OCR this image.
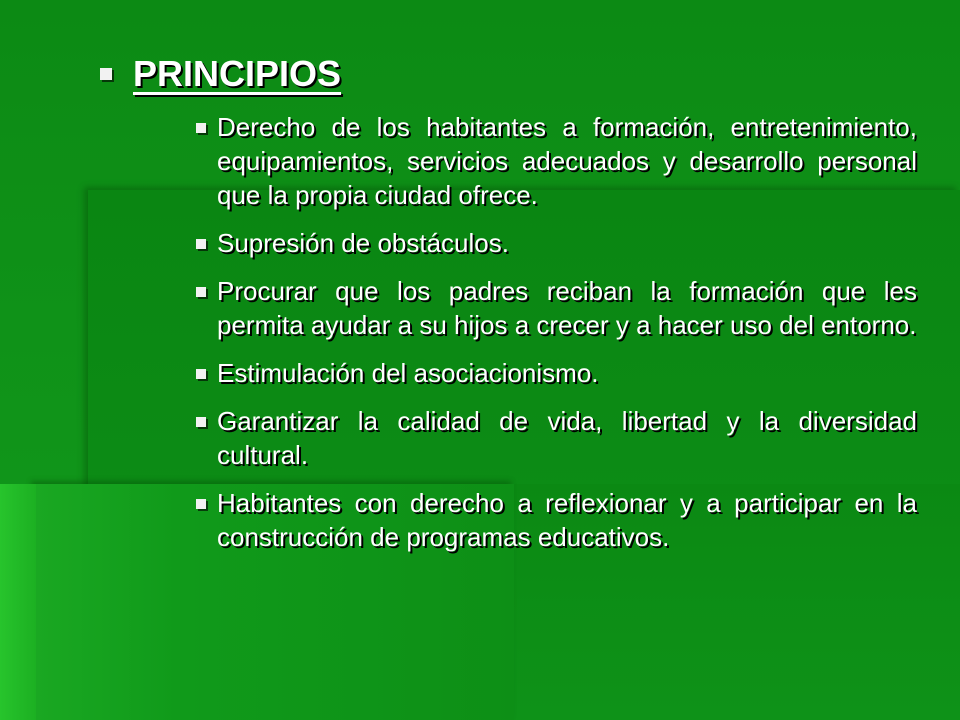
PRINCIPIOS
Derecho de los habitantes a formación, entretenimiento, equipamientos, servicios adecuados y desarrollo personal que la propia ciudad ofrece.
Supresión de obstáculos.
Procurar que los padres reciban la formación que les permita ayudar a su hijos a crecer y a hacer uso del entorno.
Estimulación del asociacionismo.
Garantizar la calidad de vida, libertad y la diversidad cultural.
Habitantes con derecho a reflexionar y a participar en la construcción de programas educativos.
